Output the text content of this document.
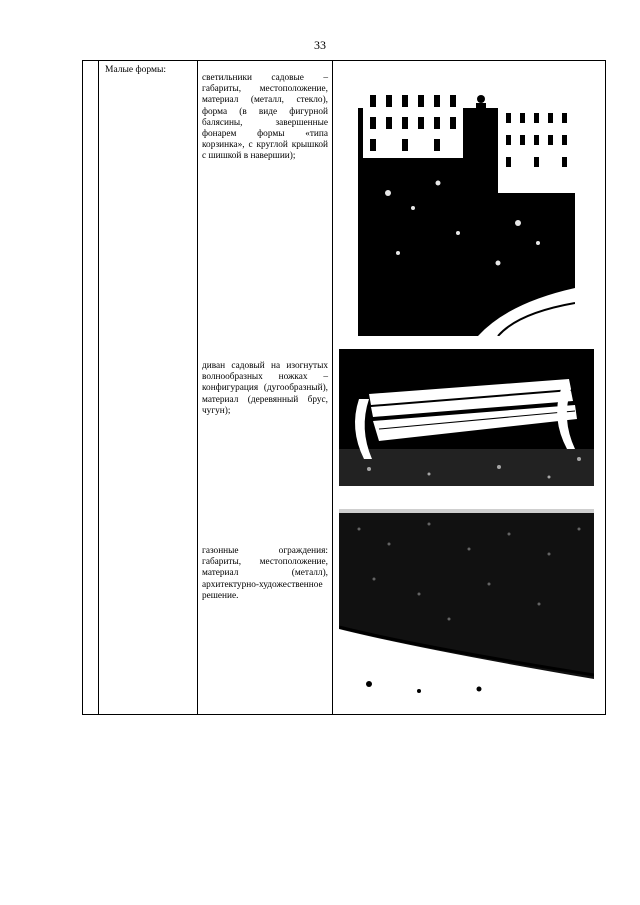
33

Малые формы:

светильники садовые – габариты, местоположение, материал (металл, стекло), форма (в виде фигурной балясины, завершенные фонарем формы «типа корзинка», с круглой крышкой с шишкой в навершии);
диван садовый на изогнутых волнообразных ножках – конфигурация (дугообразный), материал (деревянный брус, чугун);
газонные ограждения: габариты, местоположение, материал (металл), архитектурно-художественное решение.
